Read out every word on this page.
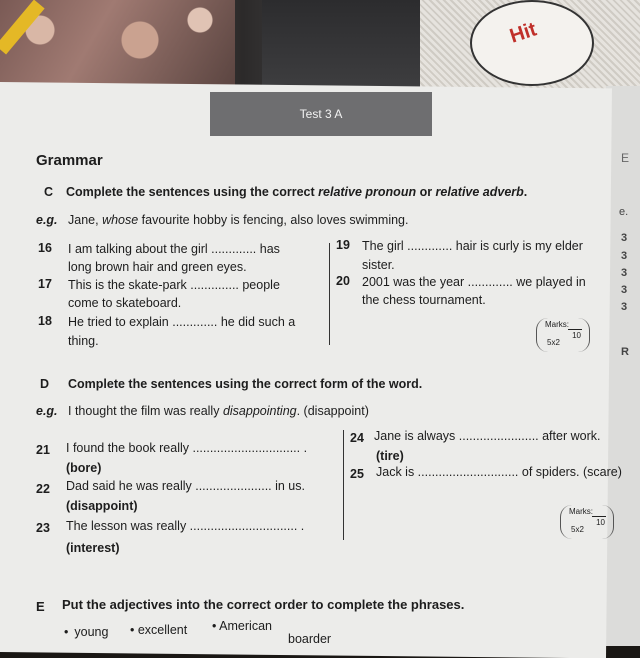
Hit
Test 3 A
Grammar
C Complete the sentences using the correct relative pronoun or relative adverb.
e.g. Jane, whose favourite hobby is fencing, also loves swimming.
16 I am talking about the girl ............. has
long brown hair and green eyes.
17 This is the skate-park .............. people
come to skateboard.
18 He tried to explain ............. he did such a
thing.
19 The girl ............. hair is curly is my elder
sister.
20 2001 was the year ............. we played in
the chess tournament.
Marks:
10
5x2
D Complete the sentences using the correct form of the word.
e.g. I thought the film was really disappointing. (disappoint)
21 I found the book really ............................... .
(bore)
22 Dad said he was really ...................... in us.
(disappoint)
23 The lesson was really ............................... .
(interest)
24 Jane is always ....................... after work.
(tire)
25 Jack is ............................. of spiders. (scare)
Marks:
10
5x2
E Put the adjectives into the correct order to complete the phrases.
• young • excellent • American
boarder
E
e.
3
3
3
3
3
R
